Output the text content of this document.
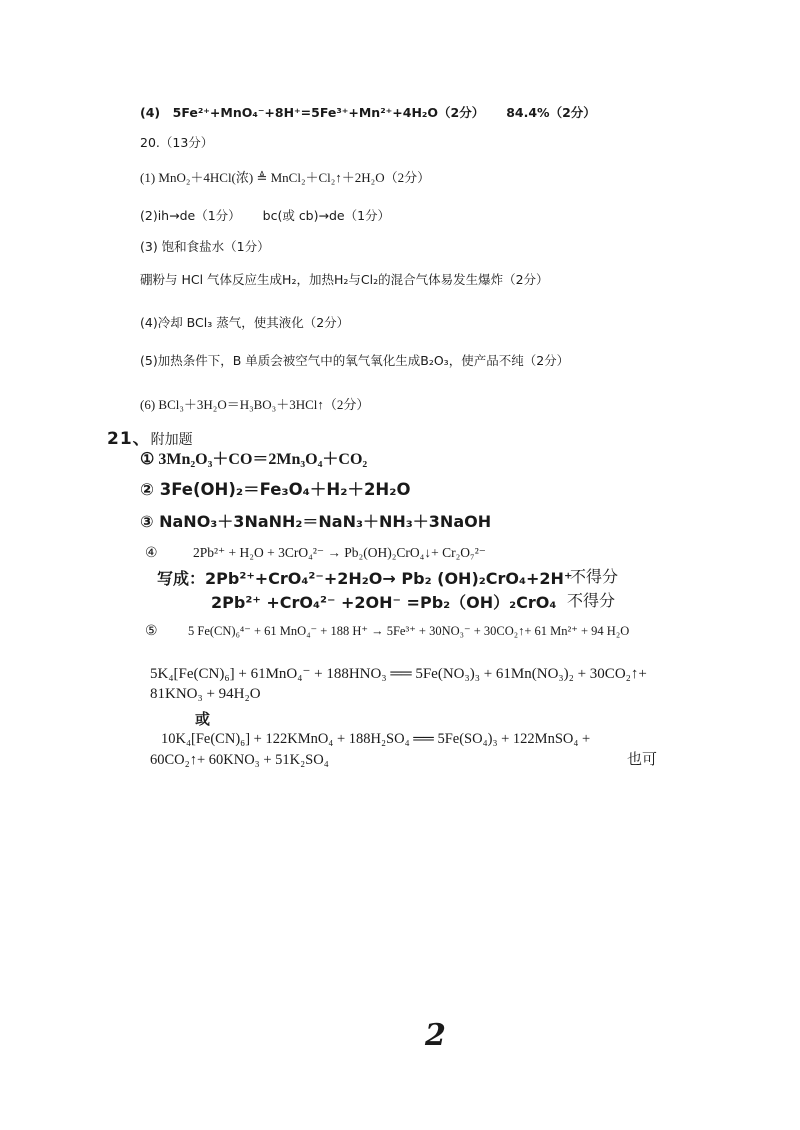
(4)　5Fe²⁺+MnO₄⁻+8H⁺=5Fe³⁺+Mn²⁺+4H₂O（2分） 84.4%（2分）
20.（13分）
(1) MnO₂＋4HCl(浓) ≜ MnCl₂＋Cl₂↑＋2H₂O（2分）
(2)ih→de（1分） bc(或 cb)→de（1分）
(3) 饱和食盐水（1分）
硼粉与 HCl 气体反应生成H₂，加热H₂与Cl₂的混合气体易发生爆炸（2分）
(4)冷却 BCl₃ 蒸气，使其液化（2分）
(5)加热条件下，B 单质会被空气中的氧气氧化生成B₂O₃，使产品不纯（2分）
(6) BCl₃＋3H₂O＝H₃BO₃＋3HCl↑（2分）
21、附加题
① 3Mn₂O₃＋CO＝2Mn₃O₄＋CO₂
② 3Fe(OH)₂＝Fe₃O₄＋H₂＋2H₂O
③ NaNO₃＋3NaNH₂＝NaN₃＋NH₃＋3NaOH
④	2Pb²⁺ + H₂O + 3CrO₄²⁻ → Pb₂(OH)₂CrO₄↓+ Cr₂O₇²⁻
写成：2Pb²⁺+CrO₄²⁻+2H₂O→ Pb₂ (OH)₂CrO₄+2H⁺
不得分
2Pb²⁺ +CrO₄²⁻ +2OH⁻ =Pb₂（OH）₂CrO₄ 不得分
⑤ 5 Fe(CN)₆⁴⁻ + 61 MnO₄⁻ + 188 H⁺ → 5Fe³⁺ + 30NO₃⁻ + 30CO₂↑+ 61 Mn²⁺ + 94 H₂O
5K₄[Fe(CN)₆] + 61MnO₄⁻ + 188HNO₃ ══ 5Fe(NO₃)₃ + 61Mn(NO₃)₂ + 30CO₂↑+
81KNO₃ + 94H₂O
或
10K₄[Fe(CN)₆] + 122KMnO₄ + 188H₂SO₄ ══ 5Fe(SO₄)₃ + 122MnSO₄ +
60CO₂↑+ 60KNO₃ + 51K₂SO₄	也可
2
